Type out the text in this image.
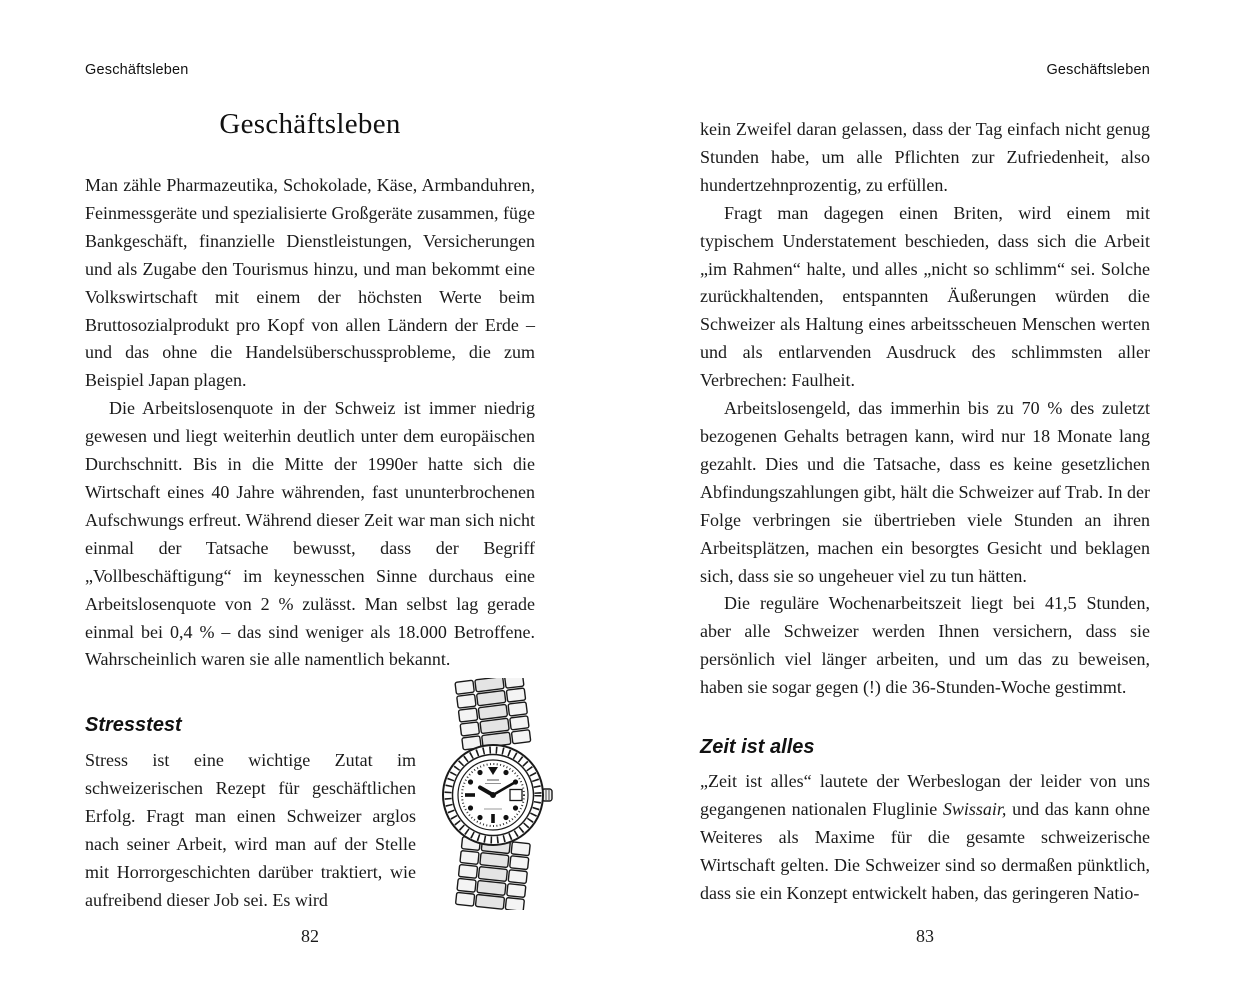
Geschäftsleben
Geschäftsleben

Man zähle Pharmazeutika, Schokolade, Käse, Armbanduhren, Feinmessgeräte und spezialisierte Großgeräte zusammen, füge Bankgeschäft, finanzielle Dienstleistungen, Versicherungen und als Zugabe den Tourismus hinzu, und man bekommt eine Volkswirtschaft mit einem der höchsten Werte beim Bruttosozialprodukt pro Kopf von allen Ländern der Erde – und das ohne die Handelsüberschussprobleme, die zum Beispiel Japan plagen.

Die Arbeitslosenquote in der Schweiz ist immer niedrig gewesen und liegt weiterhin deutlich unter dem europäischen Durchschnitt. Bis in die Mitte der 1990er hatte sich die Wirtschaft eines 40 Jahre währenden, fast ununterbrochenen Aufschwungs erfreut. Während dieser Zeit war man sich nicht einmal der Tatsache bewusst, dass der Begriff „Vollbeschäftigung“ im keynesschen Sinne durchaus eine Arbeitslosenquote von 2 % zulässt. Man selbst lag gerade einmal bei 0,4 % – das sind weniger als 18.000 Betroffene. Wahrscheinlich waren sie alle namentlich bekannt.

Stresstest

Stress ist eine wichtige Zutat im schweizerischen Rezept für geschäftlichen Erfolg. Fragt man einen Schweizer arglos nach seiner Arbeit, wird man auf der Stelle mit Horrorgeschichten darüber traktiert, wie aufreibend dieser Job sei. Es wird

82
Geschäftsleben

kein Zweifel daran gelassen, dass der Tag einfach nicht genug Stunden habe, um alle Pflichten zur Zufriedenheit, also hundertzehnprozentig, zu erfüllen.

Fragt man dagegen einen Briten, wird einem mit typischem Understatement beschieden, dass sich die Arbeit „im Rahmen“ halte, und alles „nicht so schlimm“ sei. Solche zurückhaltenden, entspannten Äußerungen würden die Schweizer als Haltung eines arbeitsscheuen Menschen werten und als entlarvenden Ausdruck des schlimmsten aller Verbrechen: Faulheit.

Arbeitslosengeld, das immerhin bis zu 70 % des zuletzt bezogenen Gehalts betragen kann, wird nur 18 Monate lang gezahlt. Dies und die Tatsache, dass es keine gesetzlichen Abfindungszahlungen gibt, hält die Schweizer auf Trab. In der Folge verbringen sie übertrieben viele Stunden an ihren Arbeitsplätzen, machen ein besorgtes Gesicht und beklagen sich, dass sie so ungeheuer viel zu tun hätten.

Die reguläre Wochenarbeitszeit liegt bei 41,5 Stunden, aber alle Schweizer werden Ihnen versichern, dass sie persönlich viel länger arbeiten, und um das zu beweisen, haben sie sogar gegen (!) die 36-Stunden-Woche gestimmt.

Zeit ist alles

„Zeit ist alles“ lautete der Werbeslogan der leider von uns gegangenen nationalen Fluglinie Swissair, und das kann ohne Weiteres als Maxime für die gesamte schweizerische Wirtschaft gelten. Die Schweizer sind so dermaßen pünktlich, dass sie ein Konzept entwickelt haben, das geringeren Natio-

83
